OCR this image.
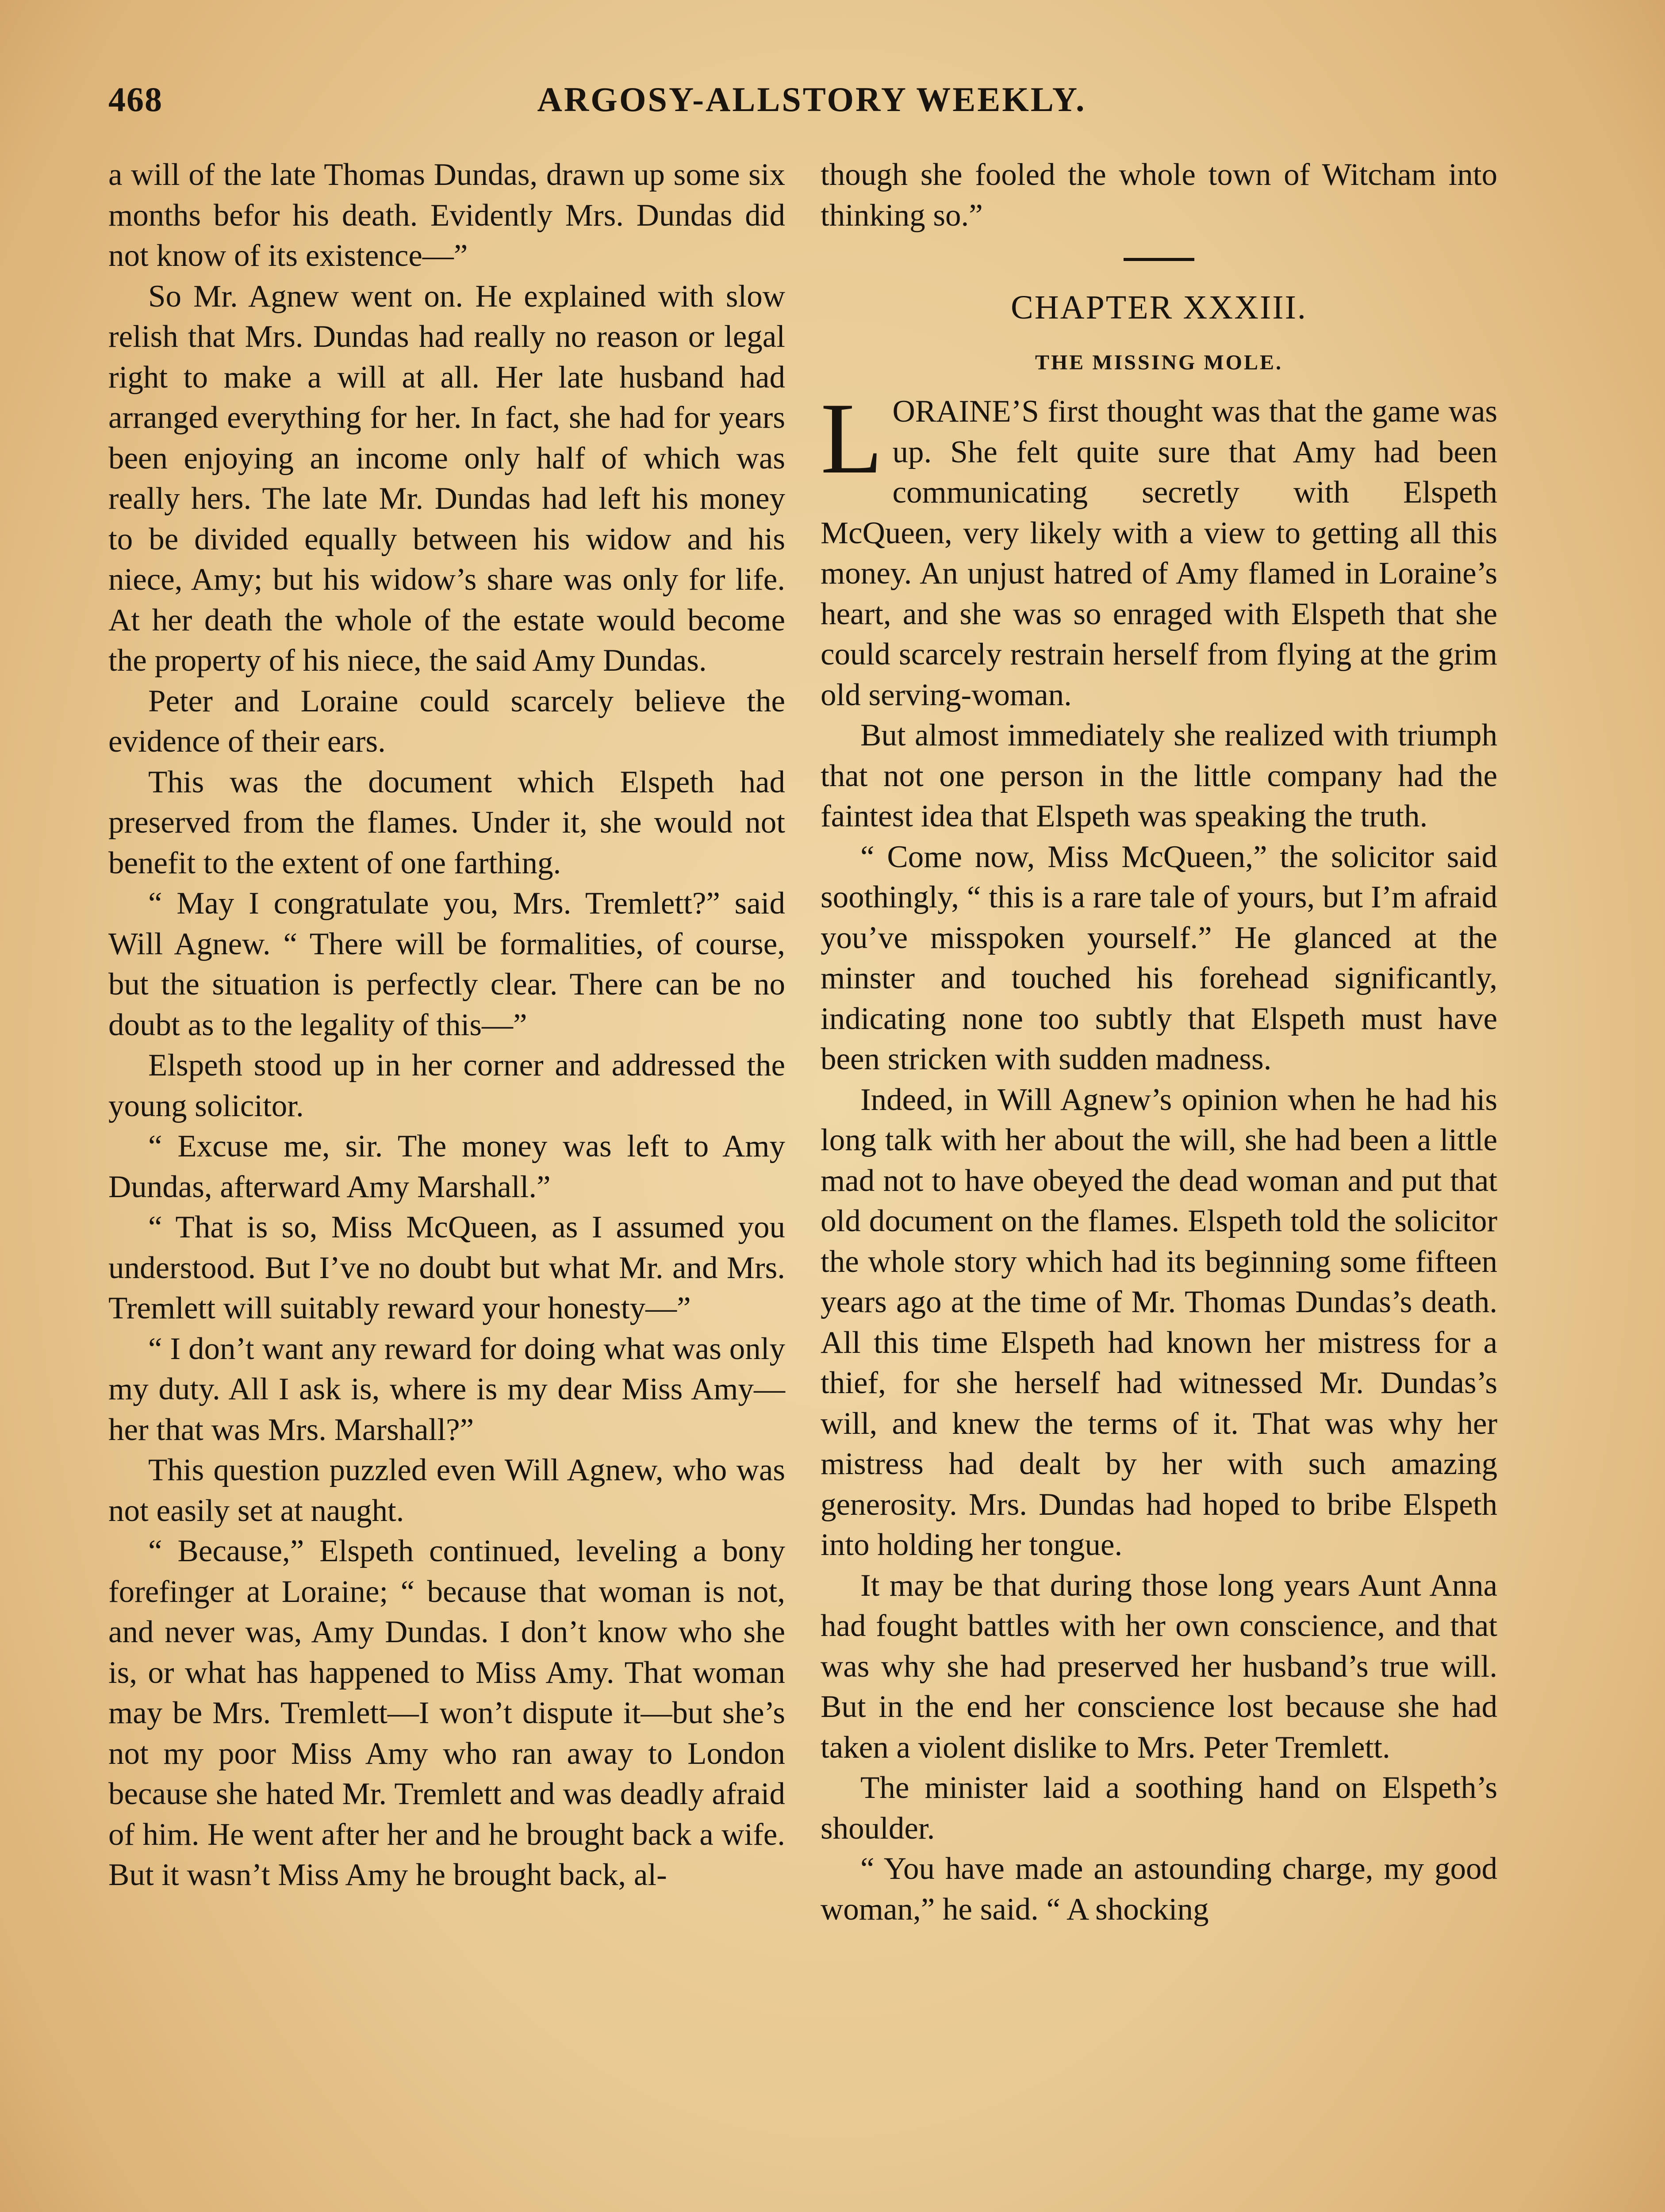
ARGOSY-ALLSTORY WEEKLY.
468

a will of the late Thomas Dundas, drawn up some six months befor his death. Evidently Mrs. Dundas did not know of its existence—”

So Mr. Agnew went on. He explained with slow relish that Mrs. Dundas had really no reason or legal right to make a will at all. Her late husband had arranged everything for her. In fact, she had for years been enjoying an income only half of which was really hers. The late Mr. Dundas had left his money to be divided equally between his widow and his niece, Amy; but his widow’s share was only for life. At her death the whole of the estate would become the property of his niece, the said Amy Dundas.

Peter and Loraine could scarcely believe the evidence of their ears.

This was the document which Elspeth had preserved from the flames. Under it, she would not benefit to the extent of one farthing.

“ May I congratulate you, Mrs. Tremlett?” said Will Agnew. “ There will be formalities, of course, but the situation is perfectly clear. There can be no doubt as to the legality of this—”

Elspeth stood up in her corner and addressed the young solicitor.

“ Excuse me, sir. The money was left to Amy Dundas, afterward Amy Marshall.”

“ That is so, Miss McQueen, as I assumed you understood. But I’ve no doubt but what Mr. and Mrs. Tremlett will suitably reward your honesty—”

“ I don’t want any reward for doing what was only my duty. All I ask is, where is my dear Miss Amy—her that was Mrs. Marshall?”

This question puzzled even Will Agnew, who was not easily set at naught.

“ Because,” Elspeth continued, leveling a bony forefinger at Loraine; “ because that woman is not, and never was, Amy Dundas. I don’t know who she is, or what has happened to Miss Amy. That woman may be Mrs. Tremlett—I won’t dispute it—but she’s not my poor Miss Amy who ran away to London because she hated Mr. Tremlett and was deadly afraid of him. He went after her and he brought back a wife. But it wasn’t Miss Amy he brought back, al-

though she fooled the whole town of Witcham into thinking so.”

CHAPTER XXXIII.
THE MISSING MOLE.

LORAINE’S first thought was that the game was up. She felt quite sure that Amy had been communicating secretly with Elspeth McQueen, very likely with a view to getting all this money. An unjust hatred of Amy flamed in Loraine’s heart, and she was so enraged with Elspeth that she could scarcely restrain herself from flying at the grim old serving-woman.

But almost immediately she realized with triumph that not one person in the little company had the faintest idea that Elspeth was speaking the truth.

“ Come now, Miss McQueen,” the solicitor said soothingly, “ this is a rare tale of yours, but I’m afraid you’ve misspoken yourself.” He glanced at the minster and touched his forehead significantly, indicating none too subtly that Elspeth must have been stricken with sudden madness.

Indeed, in Will Agnew’s opinion when he had his long talk with her about the will, she had been a little mad not to have obeyed the dead woman and put that old document on the flames. Elspeth told the solicitor the whole story which had its beginning some fifteen years ago at the time of Mr. Thomas Dundas’s death. All this time Elspeth had known her mistress for a thief, for she herself had witnessed Mr. Dundas’s will, and knew the terms of it. That was why her mistress had dealt by her with such amazing generosity. Mrs. Dundas had hoped to bribe Elspeth into holding her tongue.

It may be that during those long years Aunt Anna had fought battles with her own conscience, and that was why she had preserved her husband’s true will. But in the end her conscience lost because she had taken a violent dislike to Mrs. Peter Tremlett.

The minister laid a soothing hand on Elspeth’s shoulder.

“ You have made an astounding charge, my good woman,” he said. “ A shocking
